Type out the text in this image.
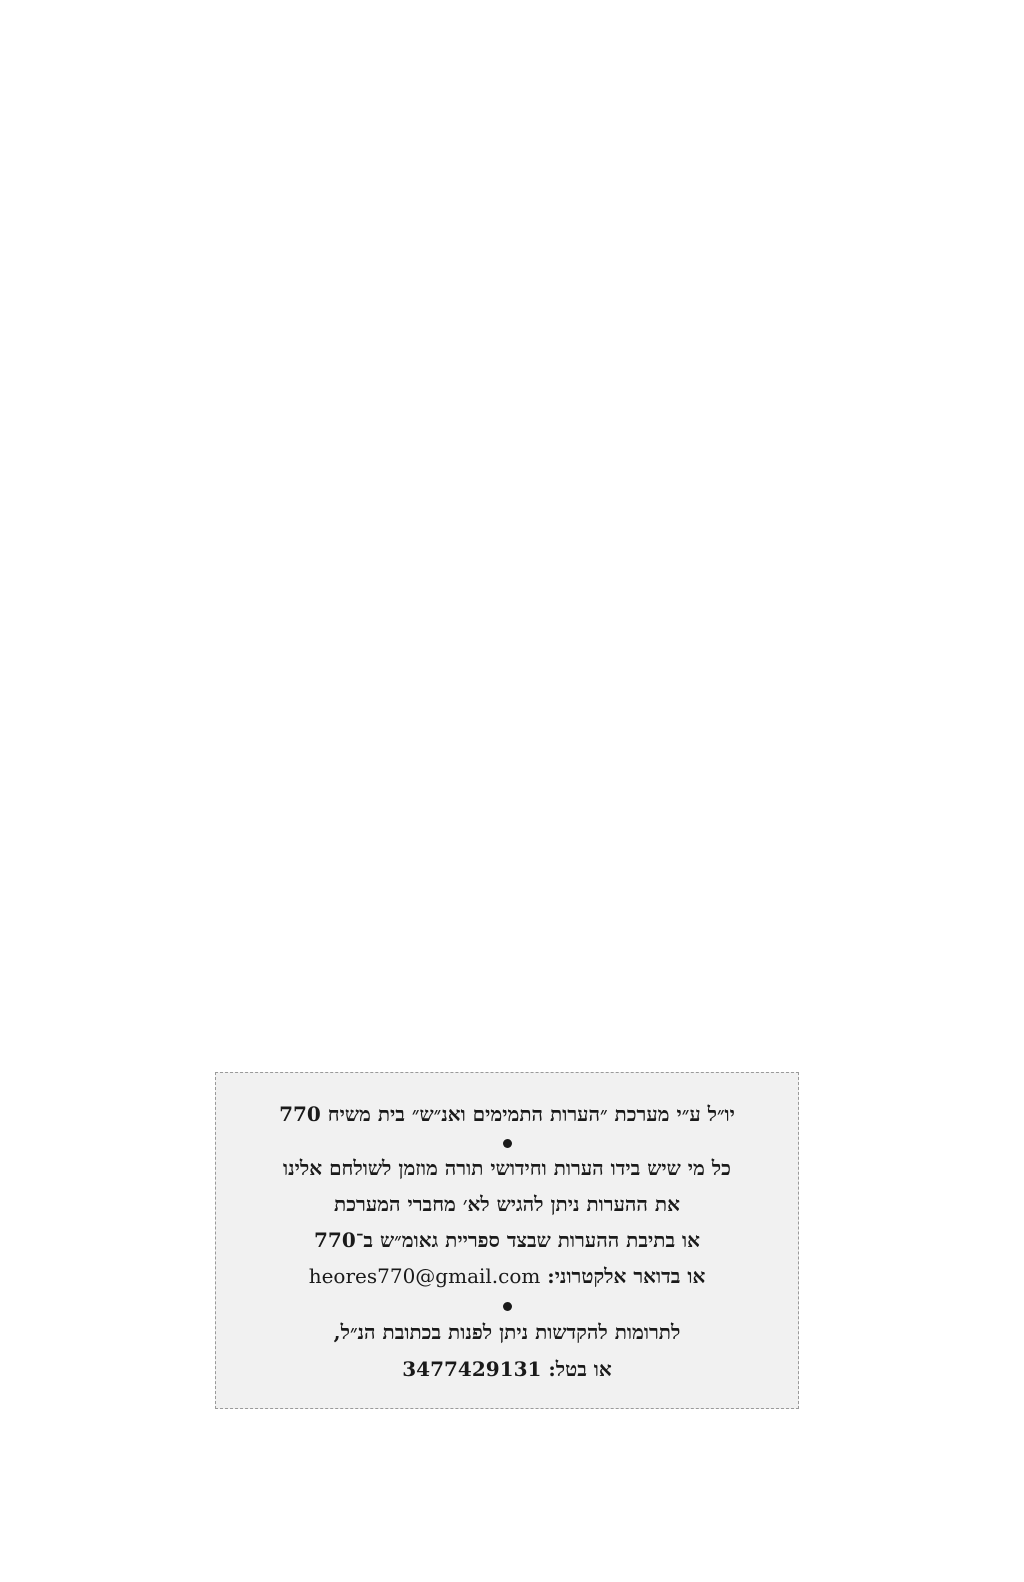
יו״ל ע״י מערכת ״הערות התמימים ואנ״ש״ בית משיח 770
כל מי שיש בידו הערות וחידושי תורה מוזמן לשולחם אלינו
את ההערות ניתן להגיש לא׳ מחברי המערכת
או בתיבת ההערות שבצד ספריית גאומ״ש ב־770
או בדואר אלקטרוני: heores770@gmail.com
לתרומות להקדשות ניתן לפנות בכתובת הנ״ל,
או בטל: 3477429131
